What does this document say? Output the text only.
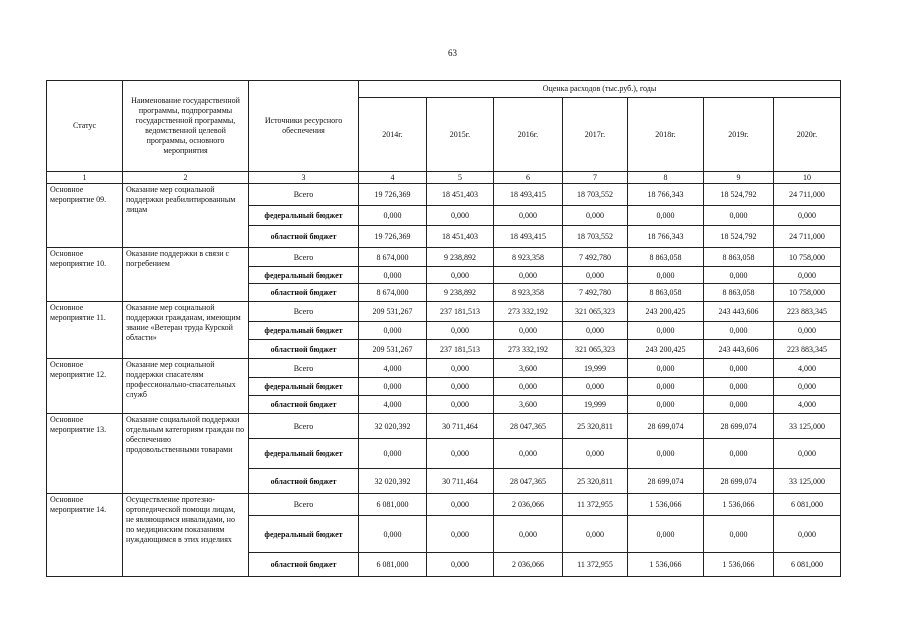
63
Статус	Наименование государственной программы, подпрограммы государственной программы, ведомственной целевой программы, основного мероприятия	Источники ресурсного обеспечения	Оценка расходов (тыс.руб.), годы						
			2014г.	2015г.	2016г.	2017г.	2018г.	2019г.	2020г.
1	2	3	4	5	6	7	8	9	10
Основное мероприятие 09.	Оказание мер социальной поддержки реабилитированным лицам	Всего	19 726,369	18 451,403	18 493,415	18 703,552	18 766,343	18 524,792	24 711,000
		федеральный бюджет	0,000	0,000	0,000	0,000	0,000	0,000	0,000
		областной бюджет	19 726,369	18 451,403	18 493,415	18 703,552	18 766,343	18 524,792	24 711,000
Основное мероприятие 10.	Оказание поддержки в связи с погребением	Всего	8 674,000	9 238,892	8 923,358	7 492,780	8 863,058	8 863,058	10 758,000
		федеральный бюджет	0,000	0,000	0,000	0,000	0,000	0,000	0,000
		областной бюджет	8 674,000	9 238,892	8 923,358	7 492,780	8 863,058	8 863,058	10 758,000
Основное мероприятие 11.	Оказание мер социальной поддержки гражданам, имеющим звание «Ветеран труда Курской области»	Всего	209 531,267	237 181,513	273 332,192	321 065,323	243 200,425	243 443,606	223 883,345
		федеральный бюджет	0,000	0,000	0,000	0,000	0,000	0,000	0,000
		областной бюджет	209 531,267	237 181,513	273 332,192	321 065,323	243 200,425	243 443,606	223 883,345
Основное мероприятие 12.	Оказание мер социальной поддержки спасателям профессионально-спасательных служб	Всего	4,000	0,000	3,600	19,999	0,000	0,000	4,000
		федеральный бюджет	0,000	0,000	0,000	0,000	0,000	0,000	0,000
		областной бюджет	4,000	0,000	3,600	19,999	0,000	0,000	4,000
Основное мероприятие 13.	Оказание социальной поддержки отдельным категориям граждан по обеспечению продовольственными товарами	Всего	32 020,392	30 711,464	28 047,365	25 320,811	28 699,074	28 699,074	33 125,000
		федеральный бюджет	0,000	0,000	0,000	0,000	0,000	0,000	0,000
		областной бюджет	32 020,392	30 711,464	28 047,365	25 320,811	28 699,074	28 699,074	33 125,000
Основное мероприятие 14.	Осуществление протезно-ортопедической помощи лицам, не являющимся инвалидами, но по медицинским показаниям нуждающимся в этих изделиях	Всего	6 081,000	0,000	2 036,066	11 372,955	1 536,066	1 536,066	6 081,000
		федеральный бюджет	0,000	0,000	0,000	0,000	0,000	0,000	0,000
		областной бюджет	6 081,000	0,000	2 036,066	11 372,955	1 536,066	1 536,066	6 081,000
